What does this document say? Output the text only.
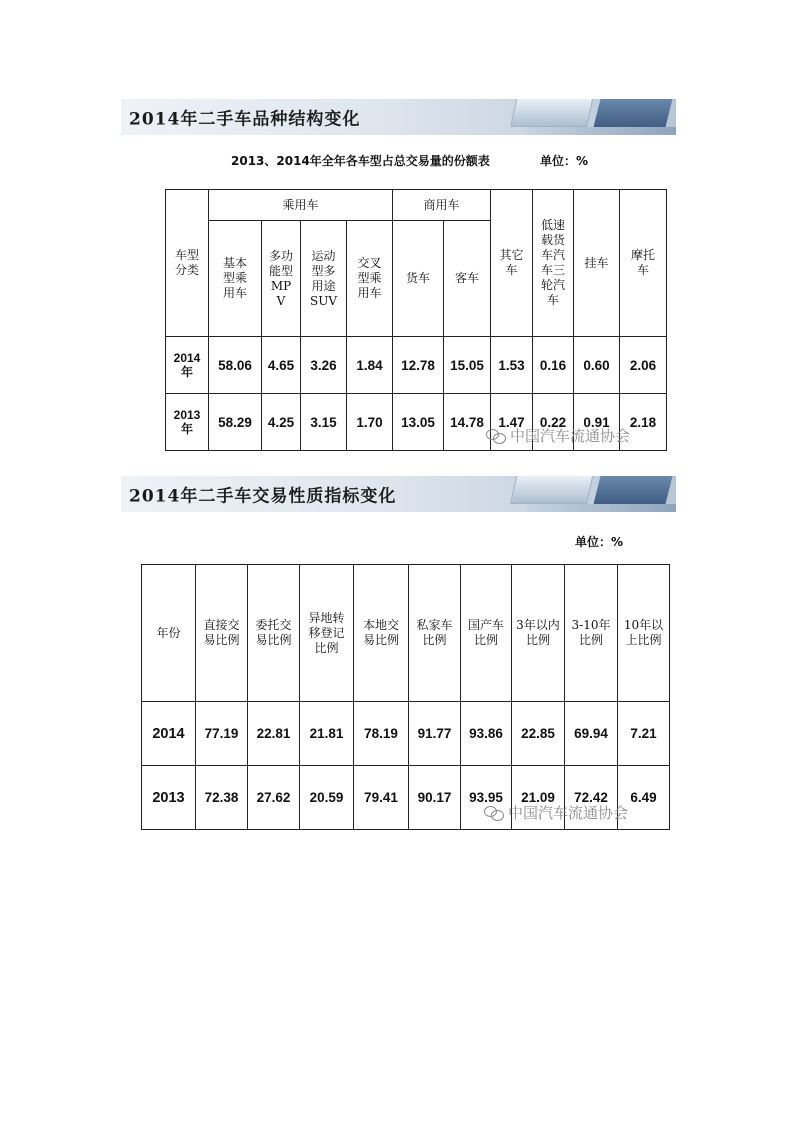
2014年二手车品种结构变化
2013、2014年全年各车型占总交易量的份额表	单位：%
车型分类	乘用车				商用车		其它车	低速载货车汽车三轮汽车	挂车	摩托车

	基本型乘用车	多功能型MPV	运动型多用途SUV	交叉型乘用车	货车	客车				

2014年	58.06	4.65	3.26	1.84	12.78	15.05	1.53	0.16	0.60	2.06

2013年	58.29	4.25	3.15	1.70	13.05	14.78	1.47	0.22	0.91	2.18
中国汽车流通协会
2014年二手车交易性质指标变化
单位：%
年份	直接交易比例	委托交易比例	异地转移登记比例	本地交易比例	私家车比例	国产车比例	3年以内比例	3-10年比例	10年以上比例

2014	77.19	22.81	21.81	78.19	91.77	93.86	22.85	69.94	7.21
2013	72.38	27.62	20.59	79.41	90.17	93.95	21.09	72.42	6.49
中国汽车流通协会
